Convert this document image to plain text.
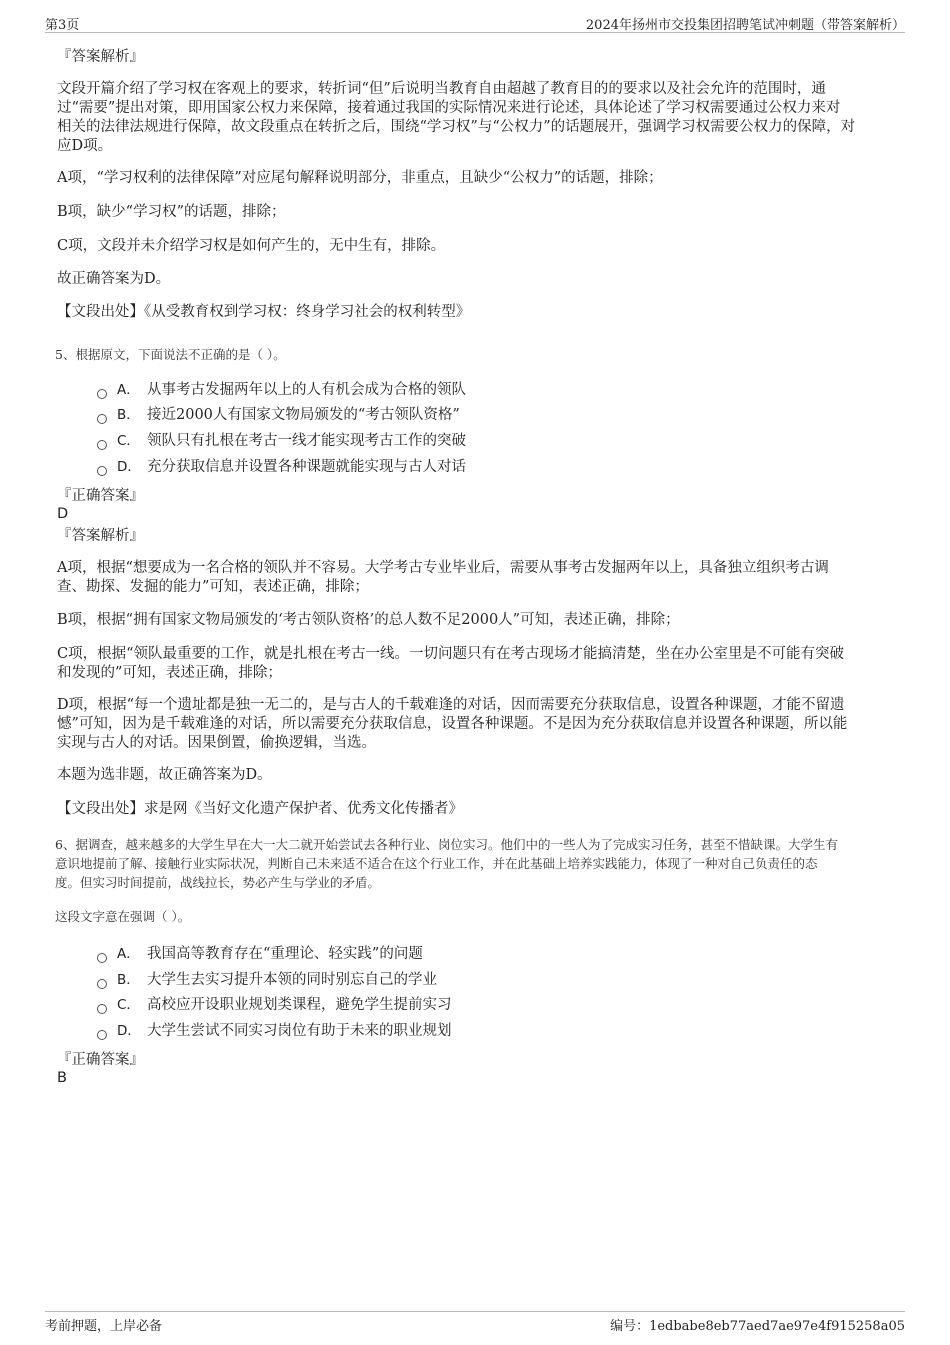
第3页	2024年扬州市交投集团招聘笔试冲刺题（带答案解析）
『答案解析』
文段开篇介绍了学习权在客观上的要求，转折词“但”后说明当教育自由超越了教育目的的要求以及社会允许的范围时，通
过“需要”提出对策，即用国家公权力来保障，接着通过我国的实际情况来进行论述，具体论述了学习权需要通过公权力来对
相关的法律法规进行保障，故文段重点在转折之后，围绕“学习权”与“公权力”的话题展开，强调学习权需要公权力的保障，对
应D项。
A项，“学习权利的法律保障”对应尾句解释说明部分，非重点，且缺少“公权力”的话题，排除；
B项，缺少“学习权”的话题，排除；
C项，文段并未介绍学习权是如何产生的，无中生有，排除。
故正确答案为D。
【文段出处】《从受教育权到学习权：终身学习社会的权利转型》
5、根据原文，下面说法不正确的是（ ）。
A． 从事考古发掘两年以上的人有机会成为合格的领队
B． 接近2000人有国家文物局颁发的“考古领队资格”
C． 领队只有扎根在考古一线才能实现考古工作的突破
D． 充分获取信息并设置各种课题就能实现与古人对话
『正确答案』
D
『答案解析』
A项，根据“想要成为一名合格的领队并不容易。大学考古专业毕业后，需要从事考古发掘两年以上，具备独立组织考古调
查、勘探、发掘的能力”可知，表述正确，排除；
B项，根据“拥有国家文物局颁发的‘考古领队资格’的总人数不足2000人”可知，表述正确，排除；
C项，根据“领队最重要的工作，就是扎根在考古一线。一切问题只有在考古现场才能搞清楚，坐在办公室里是不可能有突破
和发现的”可知，表述正确，排除；
D项，根据“每一个遗址都是独一无二的，是与古人的千载难逢的对话，因而需要充分获取信息，设置各种课题，才能不留遗
憾”可知，因为是千载难逢的对话，所以需要充分获取信息，设置各种课题。不是因为充分获取信息并设置各种课题，所以能
实现与古人的对话。因果倒置，偷换逻辑，当选。
本题为选非题，故正确答案为D。
【文段出处】求是网《当好文化遗产保护者、优秀文化传播者》
6、据调查，越来越多的大学生早在大一大二就开始尝试去各种行业、岗位实习。他们中的一些人为了完成实习任务，甚至不惜缺课。大学生有
意识地提前了解、接触行业实际状况，判断自己未来适不适合在这个行业工作，并在此基础上培养实践能力，体现了一种对自己负责任的态
度。但实习时间提前，战线拉长，势必产生与学业的矛盾。
这段文字意在强调（ ）。
A． 我国高等教育存在“重理论、轻实践”的问题
B． 大学生去实习提升本领的同时别忘自己的学业
C． 高校应开设职业规划类课程，避免学生提前实习
D． 大学生尝试不同实习岗位有助于未来的职业规划
『正确答案』
B
考前押题，上岸必备	编号：1edbabe8eb77aed7ae97e4f915258a05
